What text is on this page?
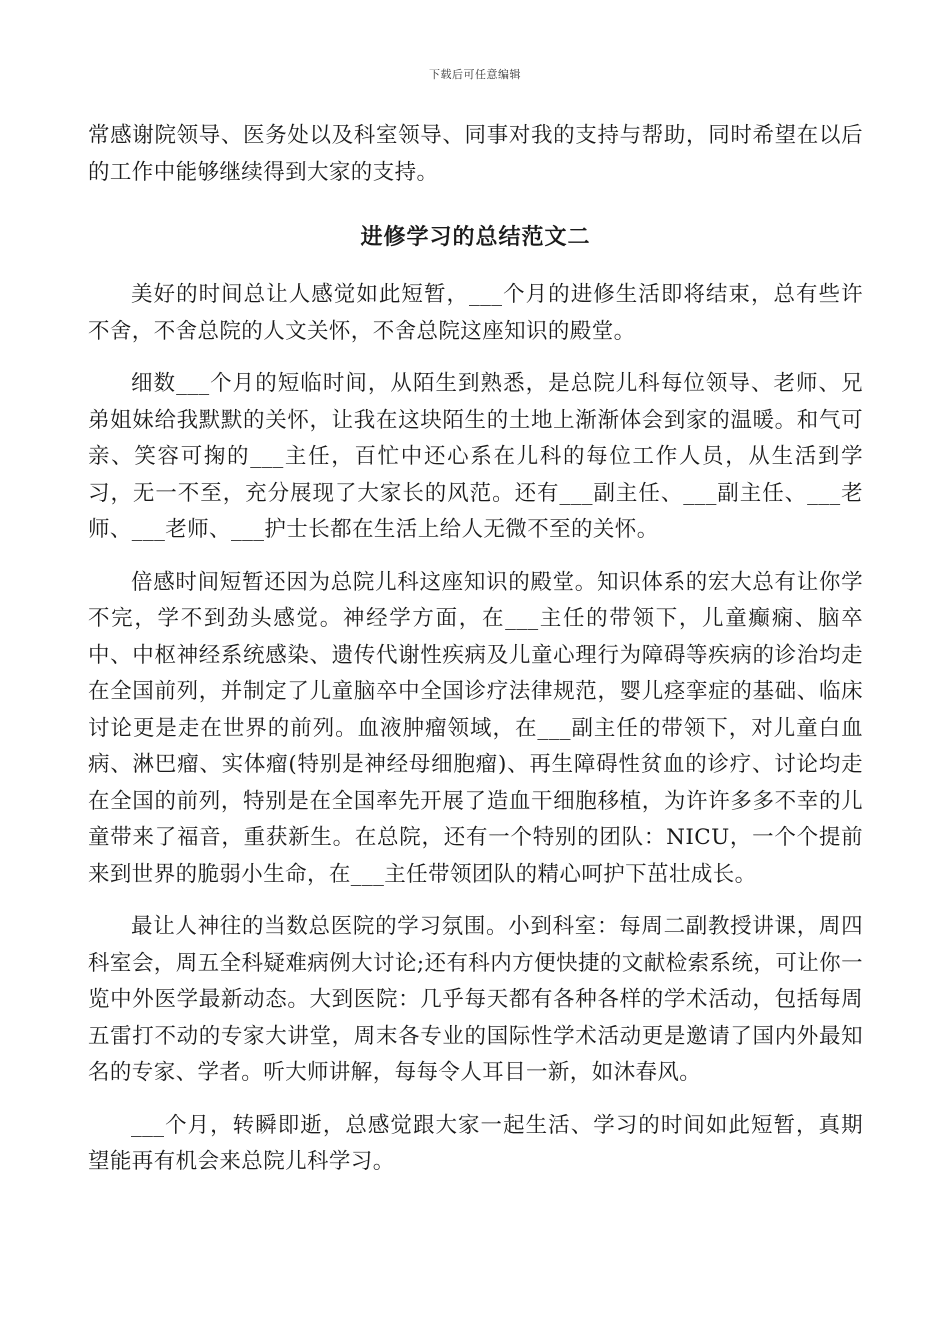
下载后可任意编辑

常感谢院领导、医务处以及科室领导、同事对我的支持与帮助，同时希望在以后的工作中能够继续得到大家的支持。

进修学习的总结范文二

美好的时间总让人感觉如此短暂，___个月的进修生活即将结束，总有些许不舍，不舍总院的人文关怀，不舍总院这座知识的殿堂。

细数___个月的短临时间，从陌生到熟悉，是总院儿科每位领导、老师、兄弟姐妹给我默默的关怀，让我在这块陌生的土地上渐渐体会到家的温暖。和气可亲、笑容可掬的___主任，百忙中还心系在儿科的每位工作人员，从生活到学习，无一不至，充分展现了大家长的风范。还有___副主任、___副主任、___老师、___老师、___护士长都在生活上给人无微不至的关怀。

倍感时间短暂还因为总院儿科这座知识的殿堂。知识体系的宏大总有让你学不完，学不到劲头感觉。神经学方面，在___主任的带领下，儿童癫痫、脑卒中、中枢神经系统感染、遗传代谢性疾病及儿童心理行为障碍等疾病的诊治均走在全国前列，并制定了儿童脑卒中全国诊疗法律规范，婴儿痉挛症的基础、临床讨论更是走在世界的前列。血液肿瘤领域，在___副主任的带领下，对儿童白血病、淋巴瘤、实体瘤(特别是神经母细胞瘤)、再生障碍性贫血的诊疗、讨论均走在全国的前列，特别是在全国率先开展了造血干细胞移植，为许许多多不幸的儿童带来了福音，重获新生。在总院，还有一个特别的团队：NICU，一个个提前来到世界的脆弱小生命，在___主任带领团队的精心呵护下茁壮成长。

最让人神往的当数总医院的学习氛围。小到科室：每周二副教授讲课，周四科室会，周五全科疑难病例大讨论;还有科内方便快捷的文献检索系统，可让你一览中外医学最新动态。大到医院：几乎每天都有各种各样的学术活动，包括每周五雷打不动的专家大讲堂，周末各专业的国际性学术活动更是邀请了国内外最知名的专家、学者。听大师讲解，每每令人耳目一新，如沐春风。

___个月，转瞬即逝，总感觉跟大家一起生活、学习的时间如此短暂，真期望能再有机会来总院儿科学习。
